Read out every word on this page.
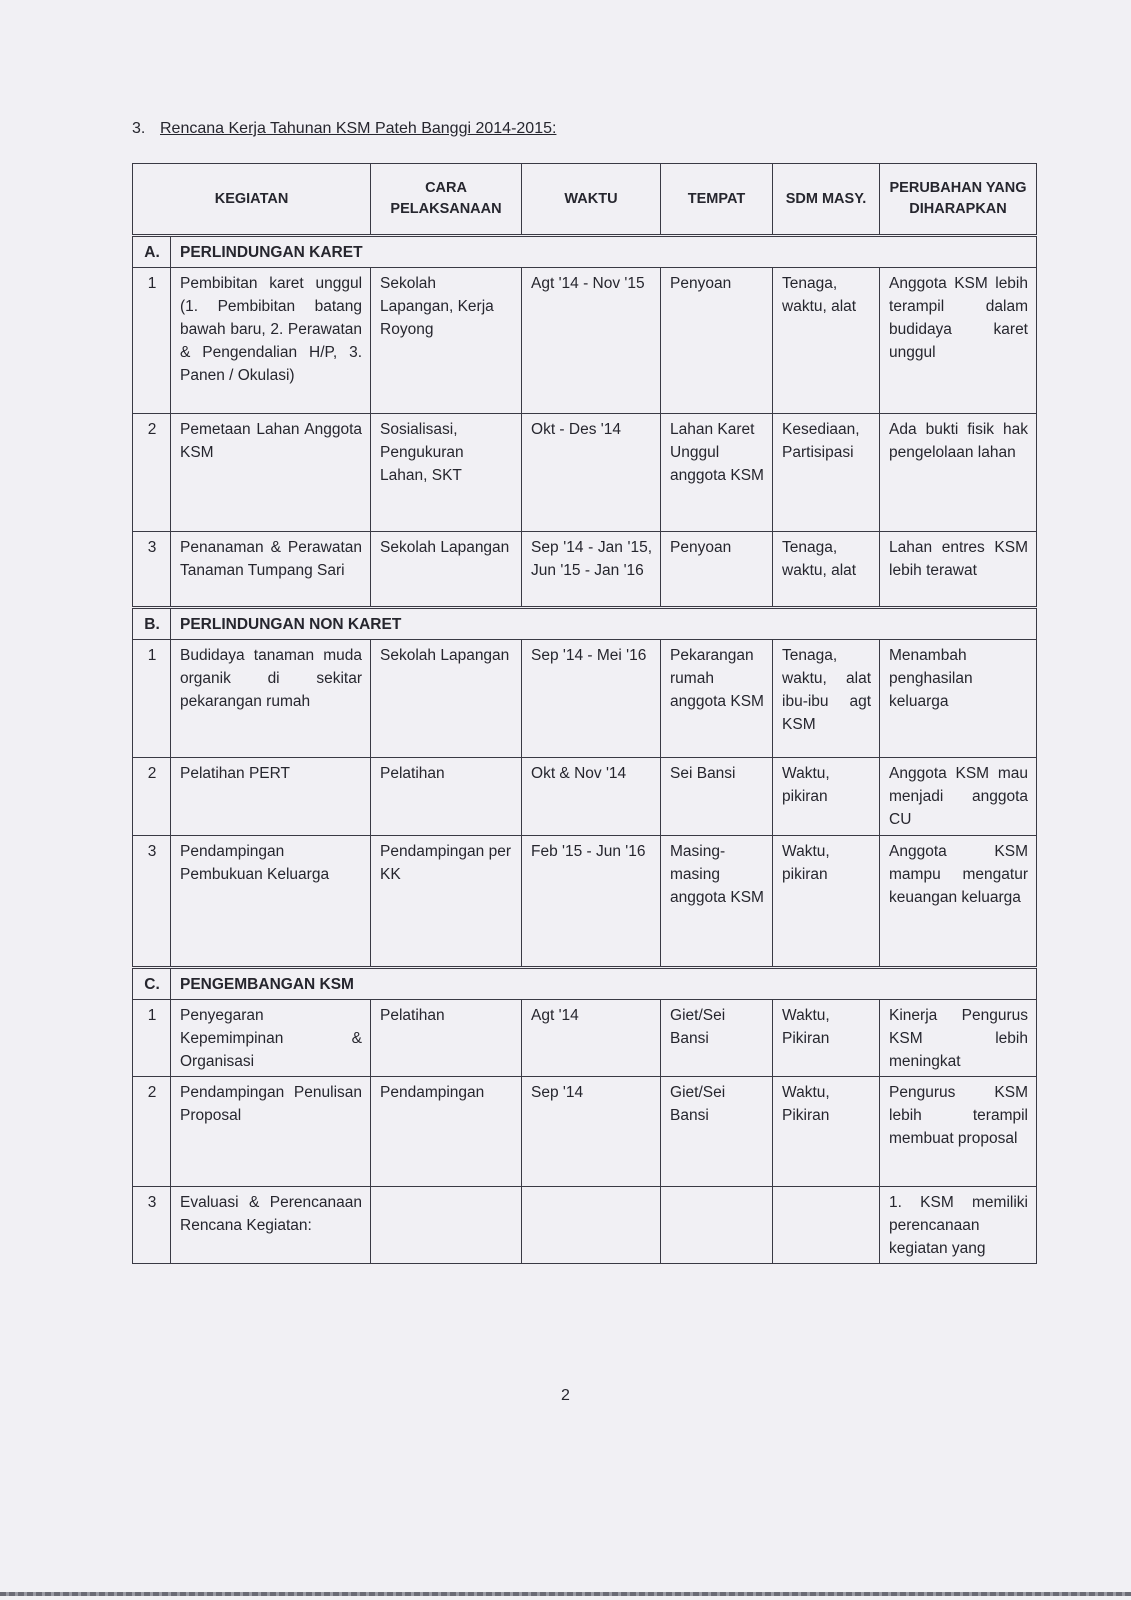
3. Rencana Kerja Tahunan KSM Pateh Banggi 2014-2015:
KEGIATAN		CARA PELAKSANAAN	WAKTU	TEMPAT	SDM MASY.	PERUBAHAN YANG DIHARAPKAN
A.	PERLINDUNGAN KARET					
1	Pembibitan karet unggul (1. Pembibitan batang bawah baru, 2. Perawatan & Pengendalian H/P, 3. Panen / Okulasi)	Sekolah Lapangan, Kerja Royong	Agt '14 - Nov '15	Penyoan	Tenaga, waktu, alat	Anggota KSM lebih terampil dalam budidaya karet unggul
2	Pemetaan Lahan Anggota KSM	Sosialisasi, Pengukuran Lahan, SKT	Okt - Des '14	Lahan Karet Unggul anggota KSM	Kesediaan, Partisipasi	Ada bukti fisik hak pengelolaan lahan
3	Penanaman & Perawatan Tanaman Tumpang Sari	Sekolah Lapangan	Sep '14 - Jan '15, Jun '15 - Jan '16	Penyoan	Tenaga, waktu, alat	Lahan entres KSM lebih terawat
B.	PERLINDUNGAN NON KARET					
1	Budidaya tanaman muda organik di sekitar pekarangan rumah	Sekolah Lapangan	Sep '14 - Mei '16	Pekarangan rumah anggota KSM	Tenaga, waktu, alat ibu-ibu agt KSM	Menambah penghasilan keluarga
2	Pelatihan PERT	Pelatihan	Okt & Nov '14	Sei Bansi	Waktu, pikiran	Anggota KSM mau menjadi anggota CU
3	Pendampingan Pembukuan Keluarga	Pendampingan per KK	Feb '15 - Jun '16	Masing-masing anggota KSM	Waktu, pikiran	Anggota KSM mampu mengatur keuangan keluarga
C.	PENGEMBANGAN KSM					
1	Penyegaran Kepemimpinan & Organisasi	Pelatihan	Agt '14	Giet/Sei Bansi	Waktu, Pikiran	Kinerja Pengurus KSM lebih meningkat
2	Pendampingan Penulisan Proposal	Pendampingan	Sep '14	Giet/Sei Bansi	Waktu, Pikiran	Pengurus KSM lebih terampil membuat proposal
3	Evaluasi & Perencanaan Rencana Kegiatan:					1. KSM memiliki perencanaan kegiatan yang
2
